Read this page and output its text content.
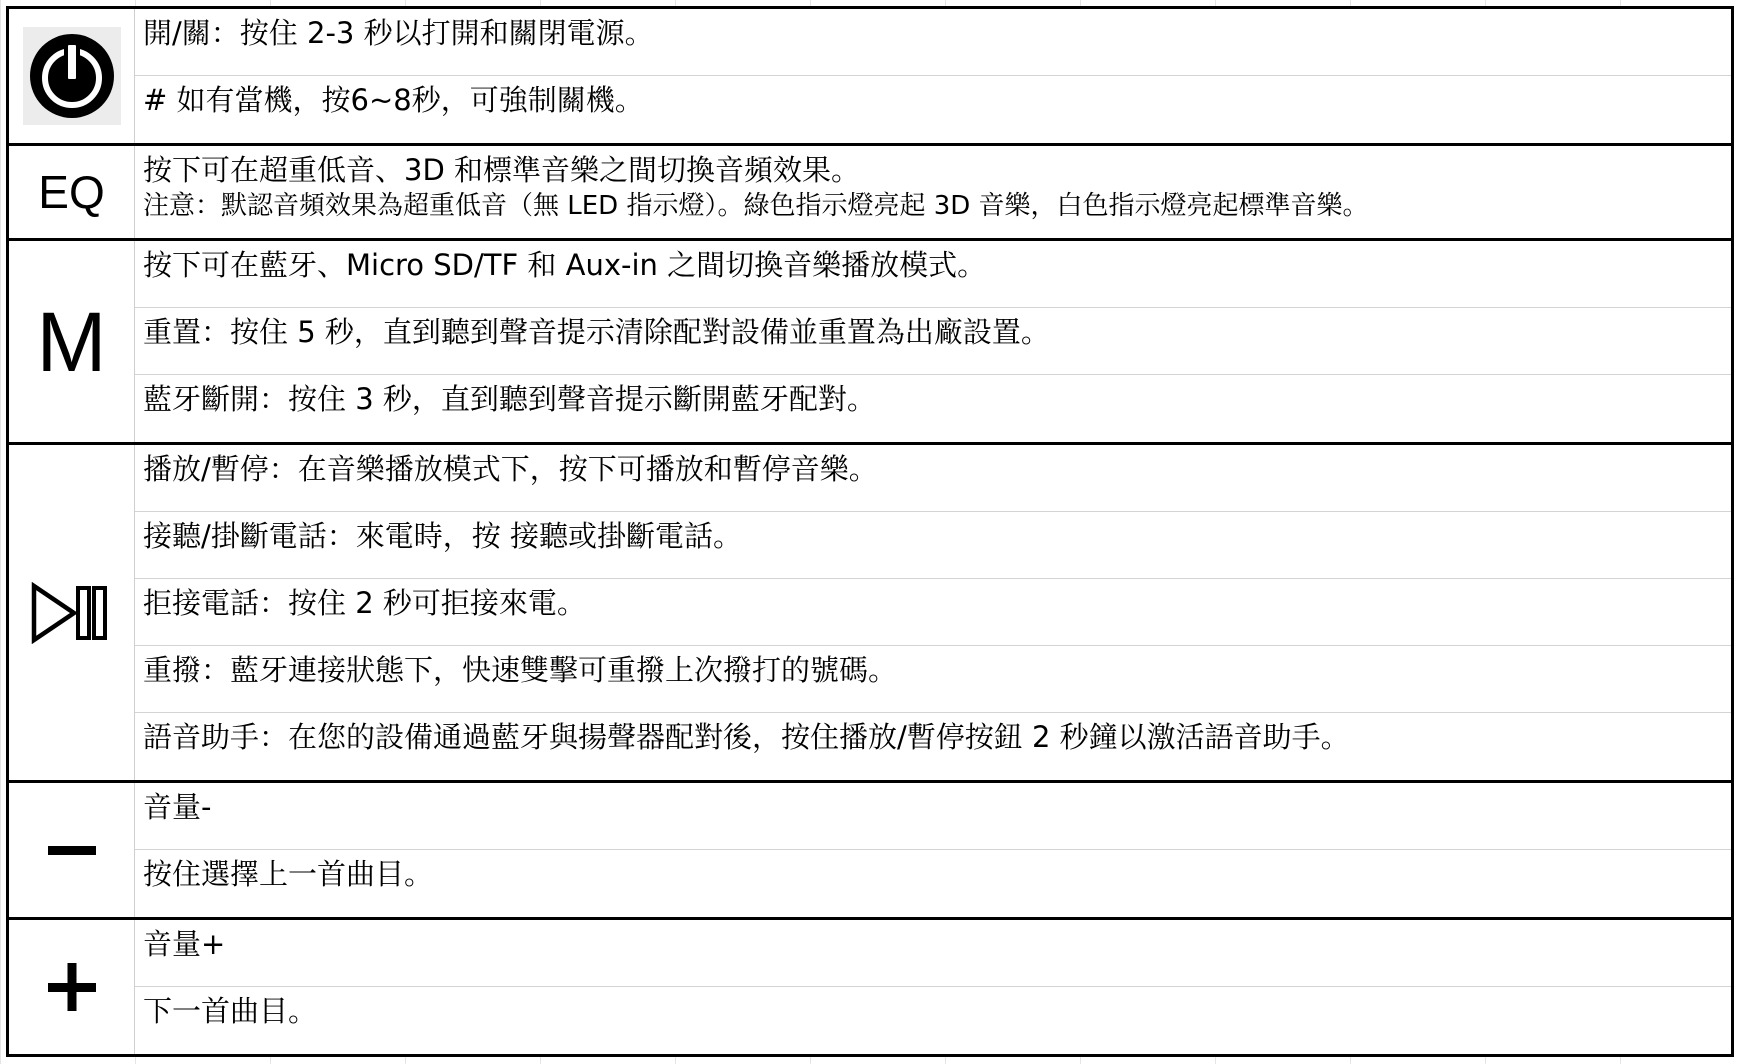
開/關：按住 2-3 秒以打開和關閉電源。
# 如有當機，按6~8秒，可強制關機。
EQ 按下可在超重低音、3D 和標準音樂之間切換音頻效果。
注意：默認音頻效果為超重低音（無 LED 指示燈）。綠色指示燈亮起 3D 音樂，白色指示燈亮起標準音樂。
M
按下可在藍牙、Micro SD/TF 和 Aux-in 之間切換音樂播放模式。
重置：按住 5 秒，直到聽到聲音提示清除配對設備並重置為出廠設置。
藍牙斷開：按住 3 秒，直到聽到聲音提示斷開藍牙配對。
播放/暫停：在音樂播放模式下，按下可播放和暫停音樂。
接聽/掛斷電話：來電時，按 接聽或掛斷電話。
拒接電話：按住 2 秒可拒接來電。
重撥：藍牙連接狀態下，快速雙擊可重撥上次撥打的號碼。
語音助手：在您的設備通過藍牙與揚聲器配對後，按住播放/暫停按鈕 2 秒鐘以激活語音助手。
音量-
按住選擇上一首曲目。
音量+
下一首曲目。
